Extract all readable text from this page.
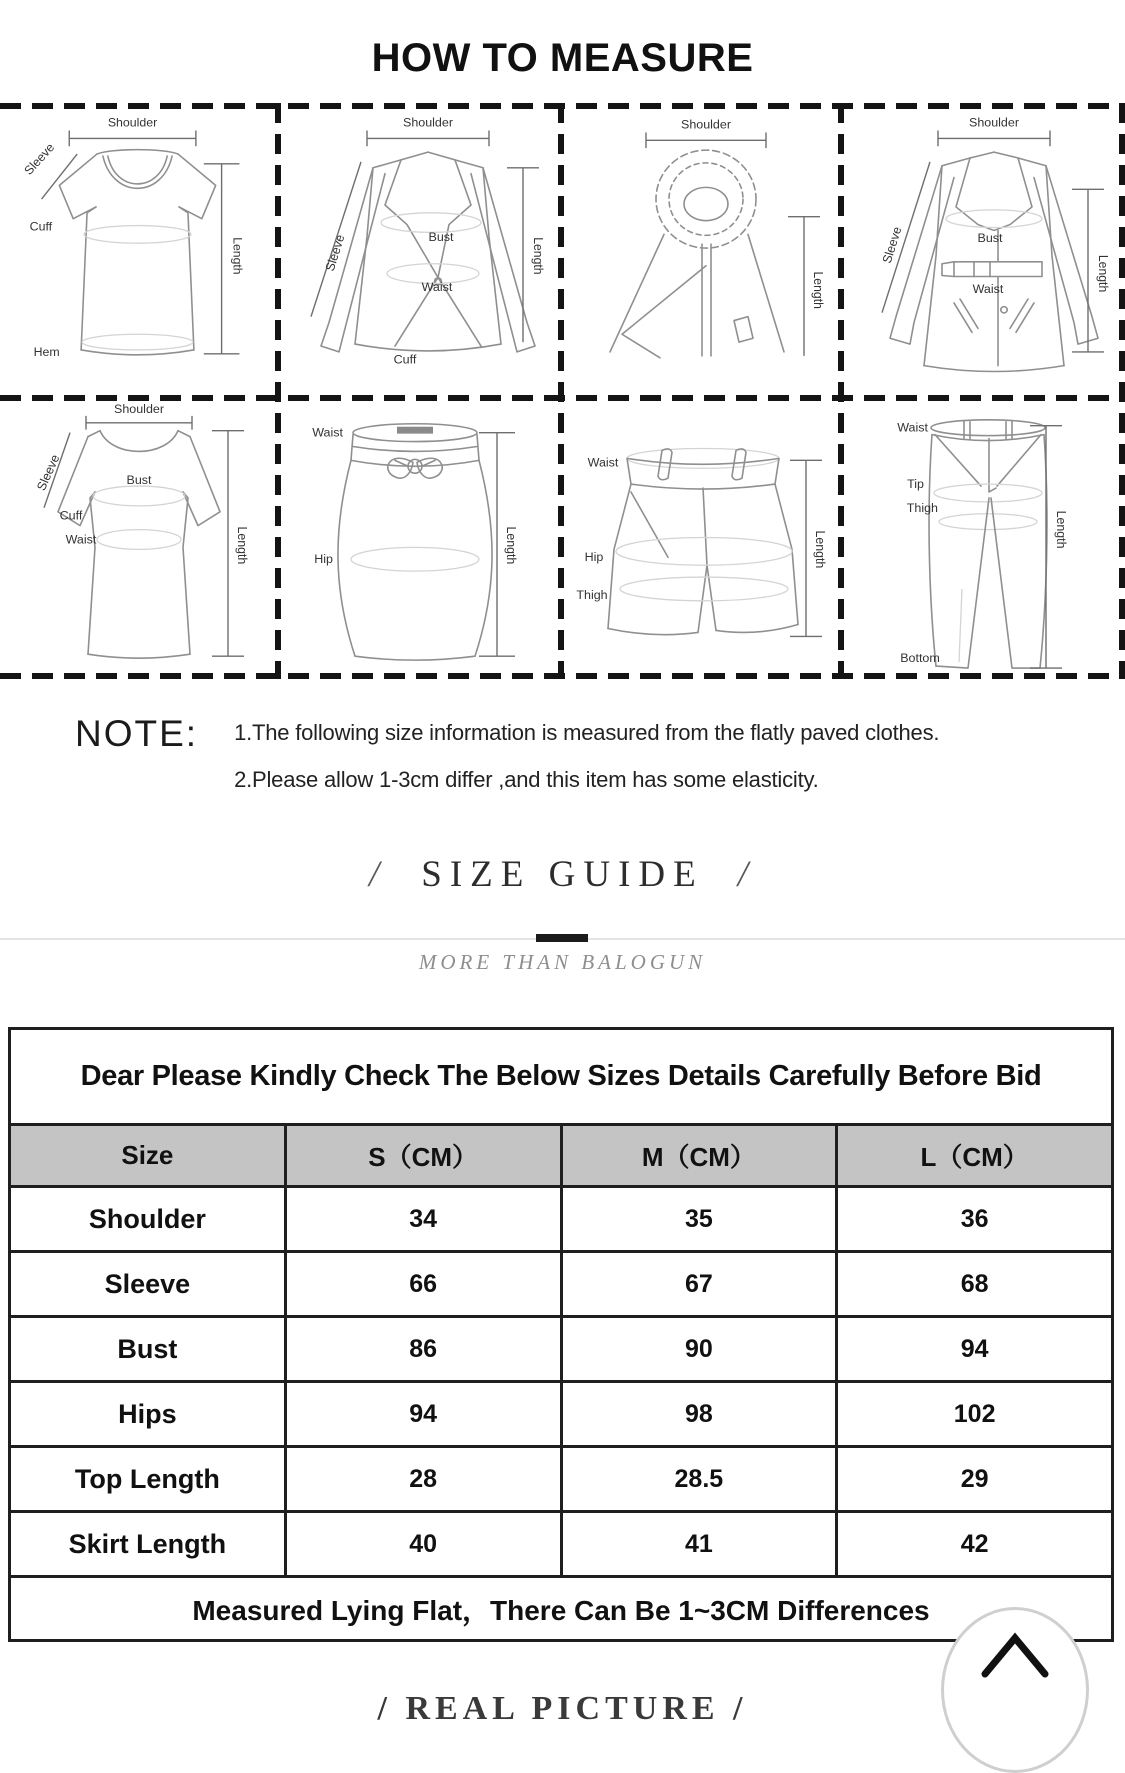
HOW TO MEASURE
Shoulder
Sleeve
Length
Cuff
Hem
Shoulder
Sleeve	Bust
Waist
Cuff
Length
Shoulder
Length
Shoulder
Sleeve	Bust
Waist	Length
Shoulder
Sleeve	Bust
Cuff
Waist	Length
Waist
Hip	Length
Waist
Hip
Thigh
Length
Waist
Tip
Thigh
Length
Bottom
NOTE: 1.The following size information is measured from the flatly paved clothes.
2.Please allow 1-3cm differ ,and this item has some elasticity.
/ SIZE GUIDE /
MORE THAN BALOGUN
Dear Please Kindly Check The Below Sizes Details Carefully Before Bid			
Size	S（CM）	M（CM）	L（CM）
Shoulder	34	35	36
Sleeve	66	67	68
Bust	86	90	94
Hips	94	98	102
Top Length	28	28.5	29
Skirt Length	40	41	42
Measured Lying Flat，There Can Be 1~3CM Differences			
/ REAL PICTURE /
